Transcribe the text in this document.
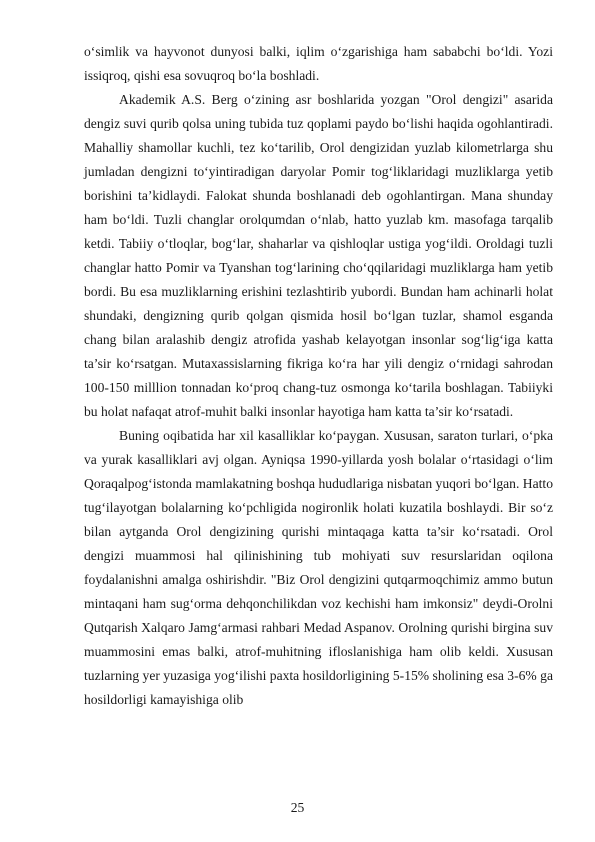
o‘simlik va hayvonot dunyosi balki, iqlim o‘zgarishiga ham sababchi bo‘ldi. Yozi issiqroq, qishi esa sovuqroq bo‘la boshladi.

Akademik A.S. Berg o‘zining asr boshlarida yozgan "Orol dengizi" asarida dengiz suvi qurib qolsa uning tubida tuz qoplami paydo bo‘lishi haqida ogohlantiradi. Mahalliy shamollar kuchli, tez ko‘tarilib, Orol dengizidan yuzlab kilometrlarga shu jumladan dengizni to‘yintiradigan daryolar Pomir tog‘liklaridagi muzliklarga yetib borishini ta’kidlaydi. Falokat shunda boshlanadi deb ogohlantirgan. Mana shunday ham bo‘ldi. Tuzli changlar orolqumdan o‘nlab, hatto yuzlab km. masofaga tarqalib ketdi. Tabiiy o‘tloqlar, bog‘lar, shaharlar va qishloqlar ustiga yog‘ildi. Oroldagi tuzli changlar hatto Pomir va Tyanshan tog‘larining cho‘qqilaridagi muzliklarga ham yetib bordi. Bu esa muzliklarning erishini tezlashtirib yubordi. Bundan ham achinarli holat shundaki, dengizning qurib qolgan qismida hosil bo‘lgan tuzlar, shamol esganda chang bilan aralashib dengiz atrofida yashab kelayotgan insonlar sog‘lig‘iga katta ta’sir ko‘rsatgan. Mutaxassislarning fikriga ko‘ra har yili dengiz o‘rnidagi sahrodan 100-150 milllion tonnadan ko‘proq chang-tuz osmonga ko‘tarila boshlagan. Tabiiyki bu holat nafaqat atrof-muhit balki insonlar hayotiga ham katta ta’sir ko‘rsatadi.

Buning oqibatida har xil kasalliklar ko‘paygan. Xususan, saraton turlari, o‘pka va yurak kasalliklari avj olgan. Ayniqsa 1990-yillarda yosh bolalar o‘rtasidagi o‘lim Qoraqalpog‘istonda mamlakatning boshqa hududlariga nisbatan yuqori bo‘lgan. Hatto tug‘ilayotgan bolalarning ko‘pchligida nogironlik holati kuzatila boshlaydi. Bir so‘z bilan aytganda Orol dengizining qurishi mintaqaga katta ta’sir ko‘rsatadi. Orol dengizi muammosi hal qilinishining tub mohiyati suv resurslaridan oqilona foydalanishni amalga oshirishdir. "Biz Orol dengizini qutqarmoqchimiz ammo butun mintaqani ham sug‘orma dehqonchilikdan voz kechishi ham imkonsiz" deydi-Orolni Qutqarish Xalqaro Jamg‘armasi rahbari Medad Aspanov. Orolning qurishi birgina suv muammosini emas balki, atrof-muhitning ifloslanishiga ham olib keldi. Xususan tuzlarning yer yuzasiga yog‘ilishi paxta hosildorligining 5-15% sholining esa 3-6% ga hosildorligi kamayishiga olib

25
